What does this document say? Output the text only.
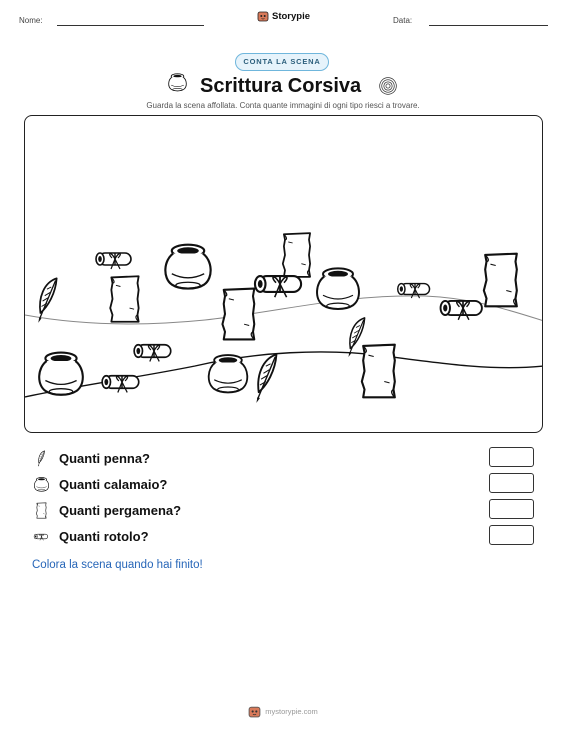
Nome:	Storypie	Data:
CONTA LA SCENA
Scrittura Corsiva
Guarda la scena affollata. Conta quante immagini di ogni tipo riesci a trovare.
Quanti penna?
Quanti calamaio?
Quanti pergamena?
Quanti rotolo?
Colora la scena quando hai finito!
mystorypie.com
